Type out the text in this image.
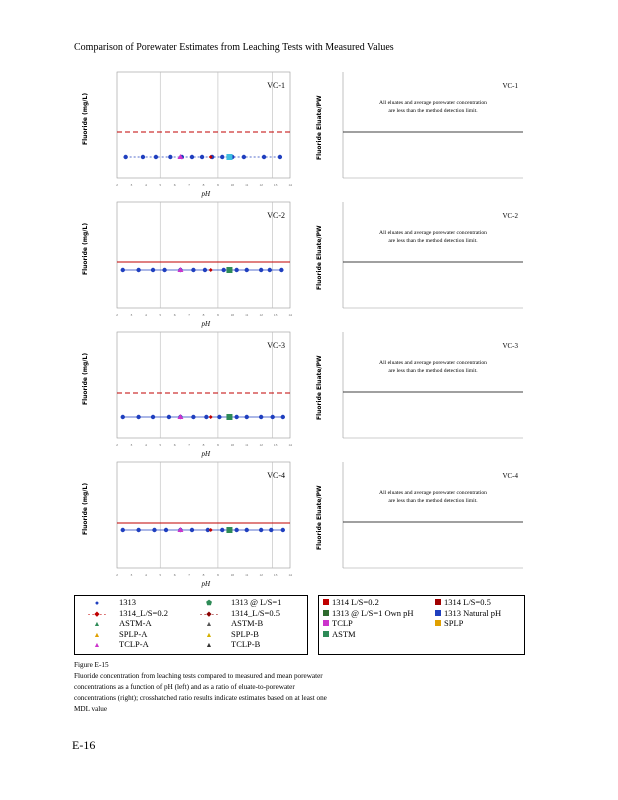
Comparison of Porewater Estimates from Leaching Tests with Measured Values
2	3	4	5	6	7	8	9	10	11	12	13	14
Fluoride (mg/L)
pH
VC-1	VC-1
All eluates and average porewater concentration
are less than the method detection limit.
Fluoride Eluate/PW
2	3	4	5	6	7	8	9	10	11	12	13	14
Fluoride (mg/L)
pH
VC-2	VC-2
All eluates and average porewater concentration
are less than the method detection limit.
Fluoride Eluate/PW
2	3	4	5	6	7	8	9	10	11	12	13	14
Fluoride (mg/L)
pH
VC-3	VC-3
All eluates and average porewater concentration
are less than the method detection limit.
Fluoride Eluate/PW
2	3	4	5	6	7	8	9	10	11	12	13	14
Fluoride (mg/L)
pH
VC-4	VC-4
All eluates and average porewater concentration
are less than the method detection limit.
Fluoride Eluate/PW
● 1313	⬟ 1313 @ L/S=1
- -◆- - 1314_L/S=0.2	- -◆- - 1314_L/S=0.5
▲ ASTM-A	▲ ASTM-B
▲ SPLP-A	▲ SPLP-B
▲ TCLP-A	▲ TCLP-B
1314 L/S=0.2	1314 L/S=0.5
1313 @ L/S=1 Own pH	1313 Natural pH
TCLP	SPLP
ASTM
Figure E-15
Fluoride concentration from leaching tests compared to measured and mean porewater
concentrations as a function of pH (left) and as a ratio of eluate-to-porewater
concentrations (right); crosshatched ratio results indicate estimates based on at least one
MDL value
E-16
